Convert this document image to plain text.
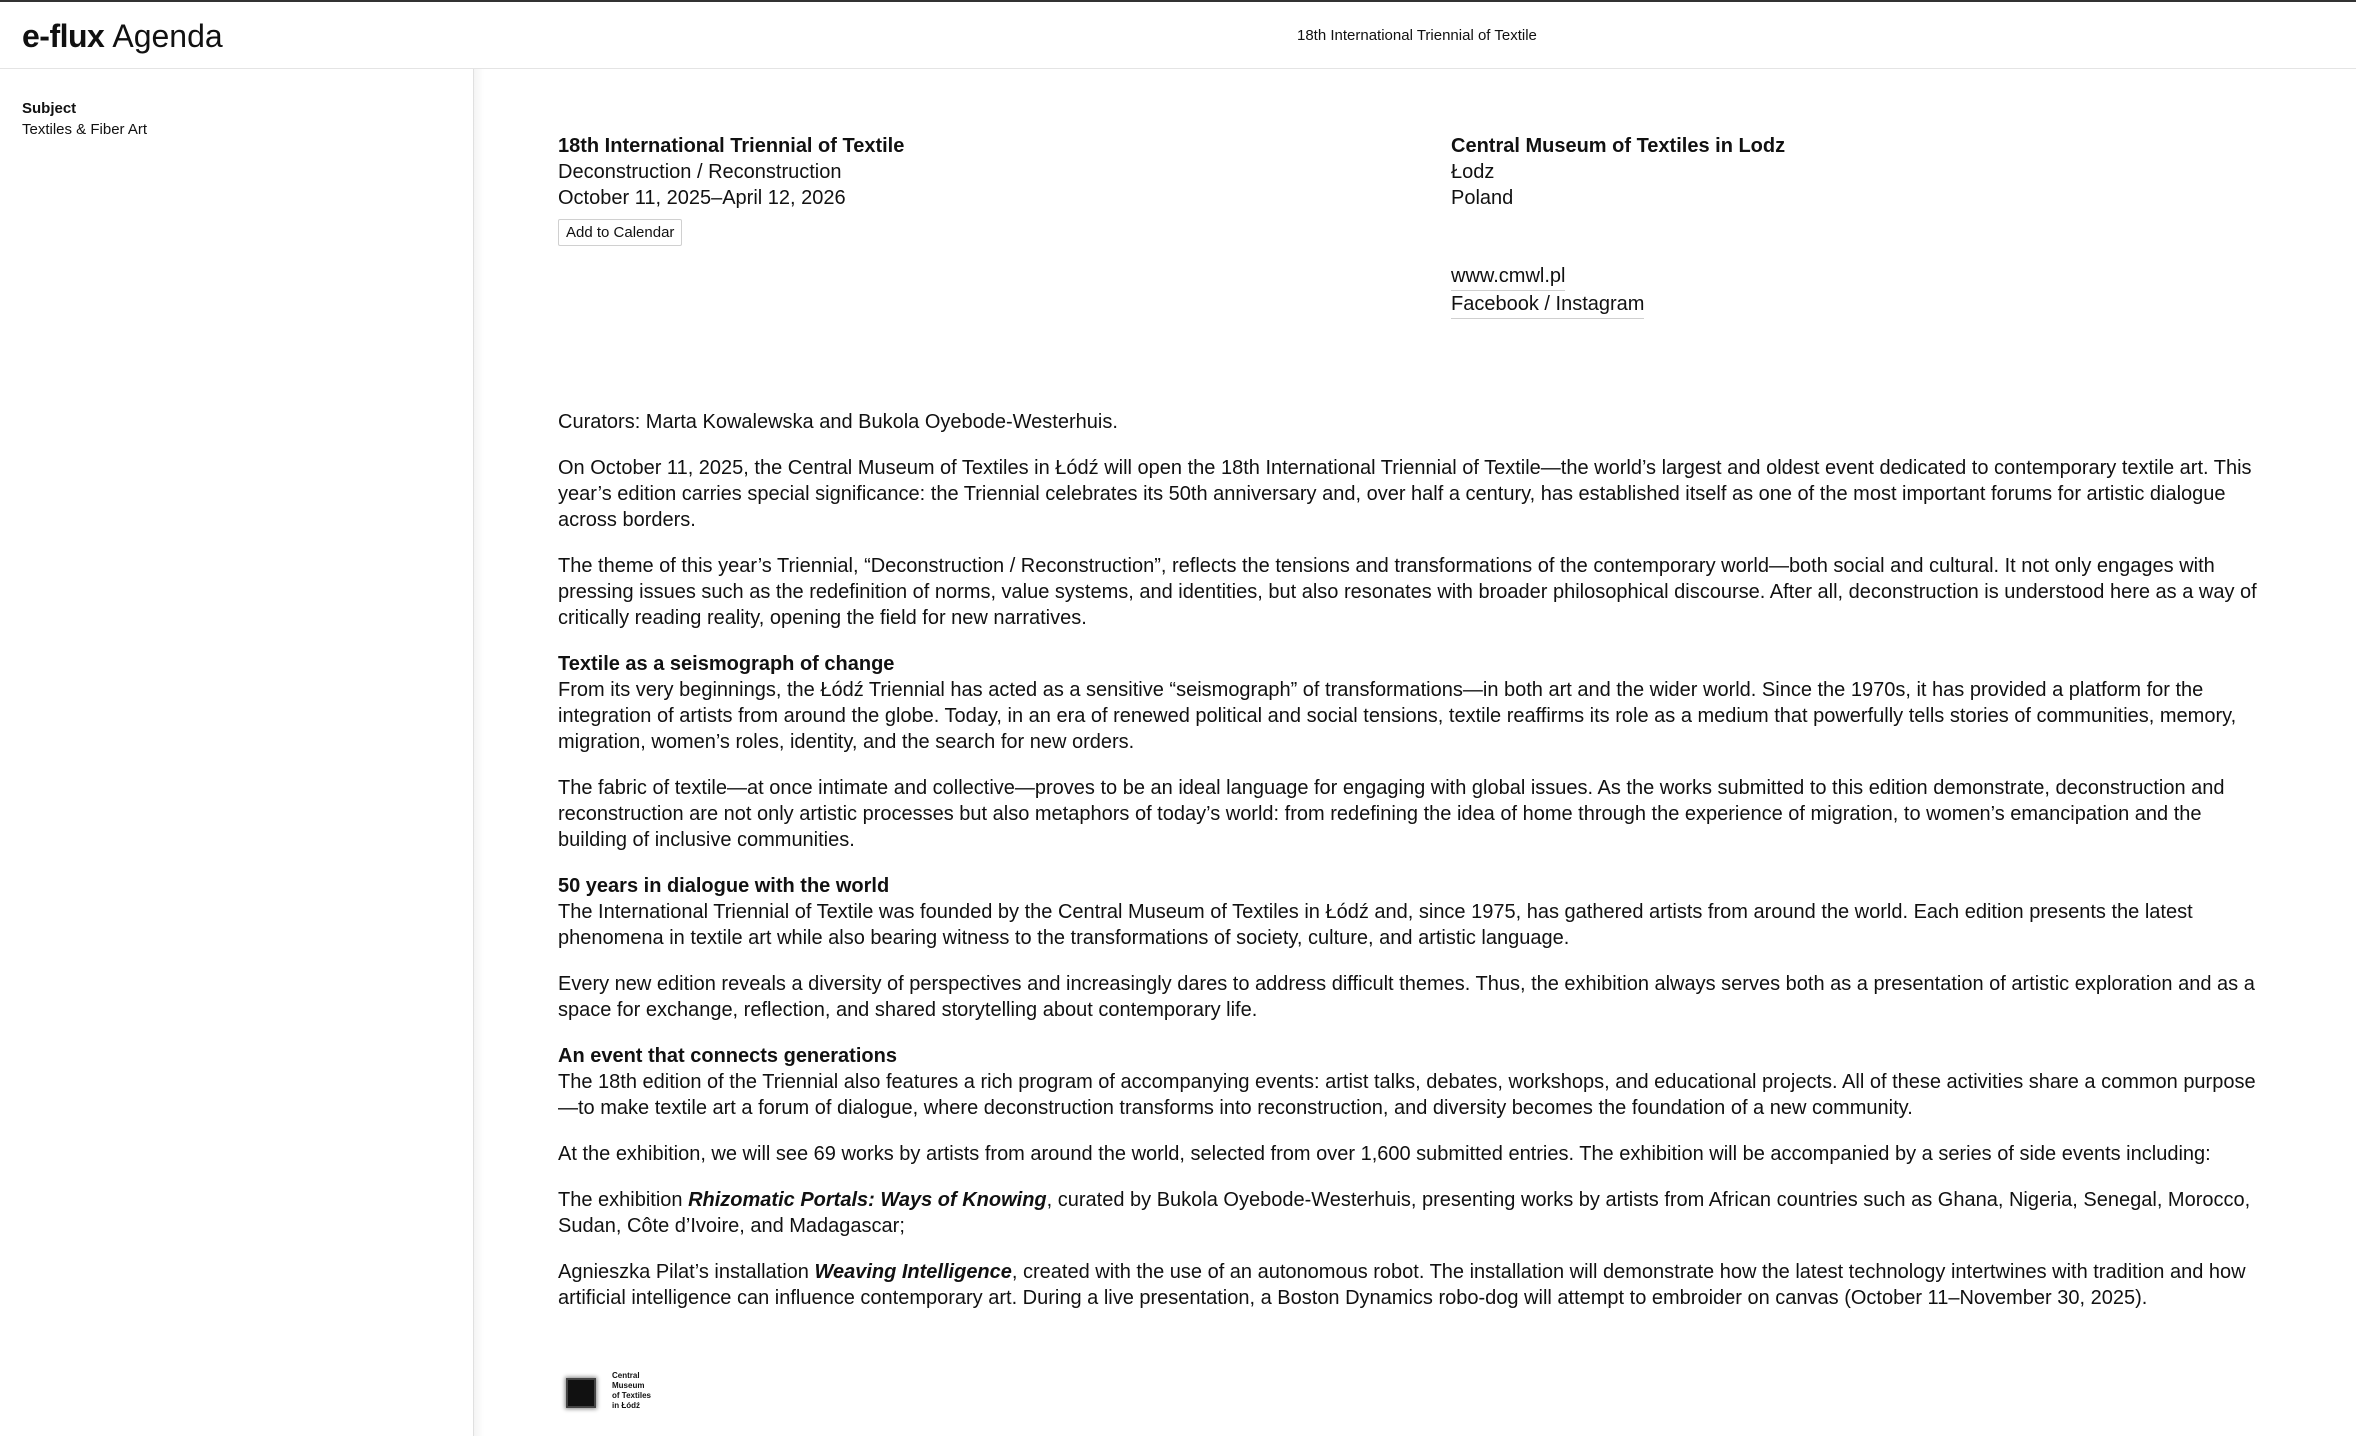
e-flux Agenda	18th International Triennial of Textile
Subject
Textiles & Fiber Art
18th International Triennial of Textile
Deconstruction / Reconstruction
October 11, 2025–April 12, 2026
Add to Calendar
Central Museum of Textiles in Lodz
Łodz
Poland
www.cmwl.pl
Facebook / Instagram

Curators: Marta Kowalewska and Bukola Oyebode-Westerhuis.

On October 11, 2025, the Central Museum of Textiles in Łódź will open the 18th International Triennial of Textile—the world’s largest and oldest event dedicated to contemporary textile art. This year’s edition carries special significance: the Triennial celebrates its 50th anniversary and, over half a century, has established itself as one of the most important forums for artistic dialogue across borders.

The theme of this year’s Triennial, “Deconstruction / Reconstruction”, reflects the tensions and transformations of the contemporary world—both social and cultural. It not only engages with pressing issues such as the redefinition of norms, value systems, and identities, but also resonates with broader philosophical discourse. After all, deconstruction is understood here as a way of critically reading reality, opening the field for new narratives.

Textile as a seismograph of change

From its very beginnings, the Łódź Triennial has acted as a sensitive “seismograph” of transformations—in both art and the wider world. Since the 1970s, it has provided a platform for the integration of artists from around the globe. Today, in an era of renewed political and social tensions, textile reaffirms its role as a medium that powerfully tells stories of communities, memory, migration, women’s roles, identity, and the search for new orders.

The fabric of textile—at once intimate and collective—proves to be an ideal language for engaging with global issues. As the works submitted to this edition demonstrate, deconstruction and reconstruction are not only artistic processes but also metaphors of today’s world: from redefining the idea of home through the experience of migration, to women’s emancipation and the building of inclusive communities.

50 years in dialogue with the world

The International Triennial of Textile was founded by the Central Museum of Textiles in Łódź and, since 1975, has gathered artists from around the world. Each edition presents the latest phenomena in textile art while also bearing witness to the transformations of society, culture, and artistic language.

Every new edition reveals a diversity of perspectives and increasingly dares to address difficult themes. Thus, the exhibition always serves both as a presentation of artistic exploration and as a space for exchange, reflection, and shared storytelling about contemporary life.

An event that connects generations

The 18th edition of the Triennial also features a rich program of accompanying events: artist talks, debates, workshops, and educational projects. All of these activities share a common purpose—to make textile art a forum of dialogue, where deconstruction transforms into reconstruction, and diversity becomes the foundation of a new community.

At the exhibition, we will see 69 works by artists from around the world, selected from over 1,600 submitted entries. The exhibition will be accompanied by a series of side events including:

The exhibition Rhizomatic Portals: Ways of Knowing, curated by Bukola Oyebode-Westerhuis, presenting works by artists from African countries such as Ghana, Nigeria, Senegal, Morocco, Sudan, Côte d’Ivoire, and Madagascar;

Agnieszka Pilat’s installation Weaving Intelligence, created with the use of an autonomous robot. The installation will demonstrate how the latest technology intertwines with tradition and how artificial intelligence can influence contemporary art. During a live presentation, a Boston Dynamics robo-dog will attempt to embroider on canvas (October 11–November 30, 2025).

Central
Museum
of Textiles
in Łódź
